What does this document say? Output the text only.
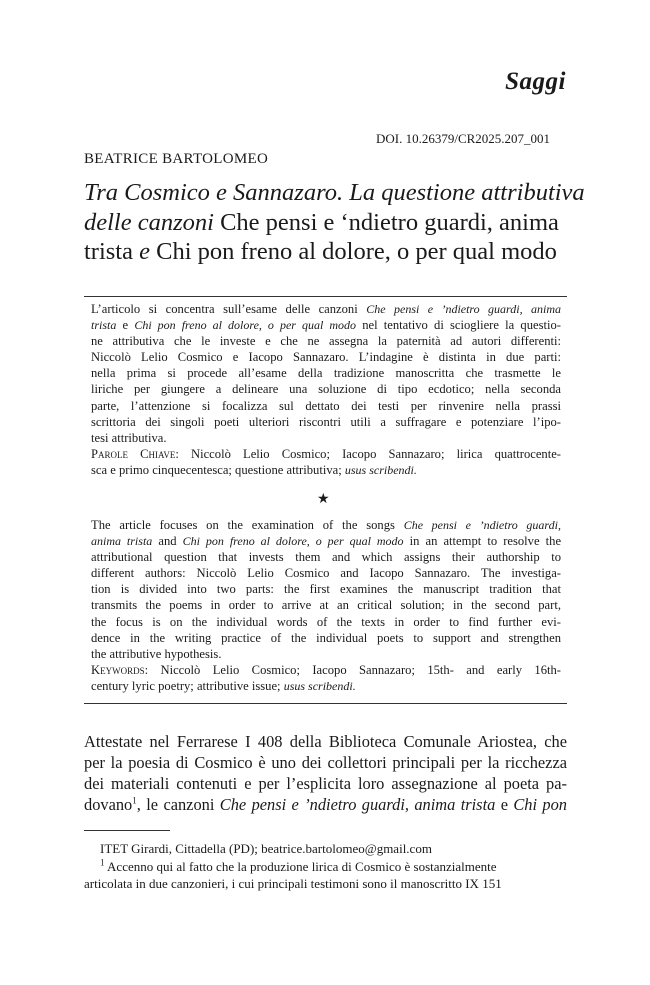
Saggi
DOI. 10.26379/CR2025.207_001
BEATRICE BARTOLOMEO
Tra Cosmico e Sannazaro. La questione attributiva
delle canzoni Che pensi e ‘ndietro guardi, anima
trista e Chi pon freno al dolore, o per qual modo
L’articolo si concentra sull’esame delle canzoni Che pensi e ’ndietro guardi, anima
trista e Chi pon freno al dolore, o per qual modo nel tentativo di sciogliere la questio-
ne attributiva che le investe e che ne assegna la paternità ad autori differenti:
Niccolò Lelio Cosmico e Iacopo Sannazaro. L’indagine è distinta in due parti:
nella prima si procede all’esame della tradizione manoscritta che trasmette le
liriche per giungere a delineare una soluzione di tipo ecdotico; nella seconda
parte, l’attenzione si focalizza sul dettato dei testi per rinvenire nella prassi
scrittoria dei singoli poeti ulteriori riscontri utili a suffragare e potenziare l’ipo-
tesi attributiva.
Parole Chiave: Niccolò Lelio Cosmico; Iacopo Sannazaro; lirica quattrocente-
sca e primo cinquecentesca; questione attributiva; usus scribendi.
★
The article focuses on the examination of the songs Che pensi e ’ndietro guardi,
anima trista and Chi pon freno al dolore, o per qual modo in an attempt to resolve the
attributional question that invests them and which assigns their authorship to
different authors: Niccolò Lelio Cosmico and Iacopo Sannazaro. The investiga-
tion is divided into two parts: the first examines the manuscript tradition that
transmits the poems in order to arrive at an critical solution; in the second part,
the focus is on the individual words of the texts in order to find further evi-
dence in the writing practice of the individual poets to support and strengthen
the attributive hypothesis.
Keywords: Niccolò Lelio Cosmico; Iacopo Sannazaro; 15th- and early 16th-
century lyric poetry; attributive issue; usus scribendi.
Attestate nel Ferrarese I 408 della Biblioteca Comunale Ariostea, che
per la poesia di Cosmico è uno dei collettori principali per la ricchezza
dei materiali contenuti e per l’esplicita loro assegnazione al poeta pa-
dovano$^1$, le canzoni Che pensi e ’ndietro guardi, anima trista e Chi pon
ITET Girardi, Cittadella (PD); beatrice.bartolomeo@gmail.com
$^1$ Accenno qui al fatto che la produzione lirica di Cosmico è sostanzialmente
articolata in due canzonieri, i cui principali testimoni sono il manoscritto IX 151
